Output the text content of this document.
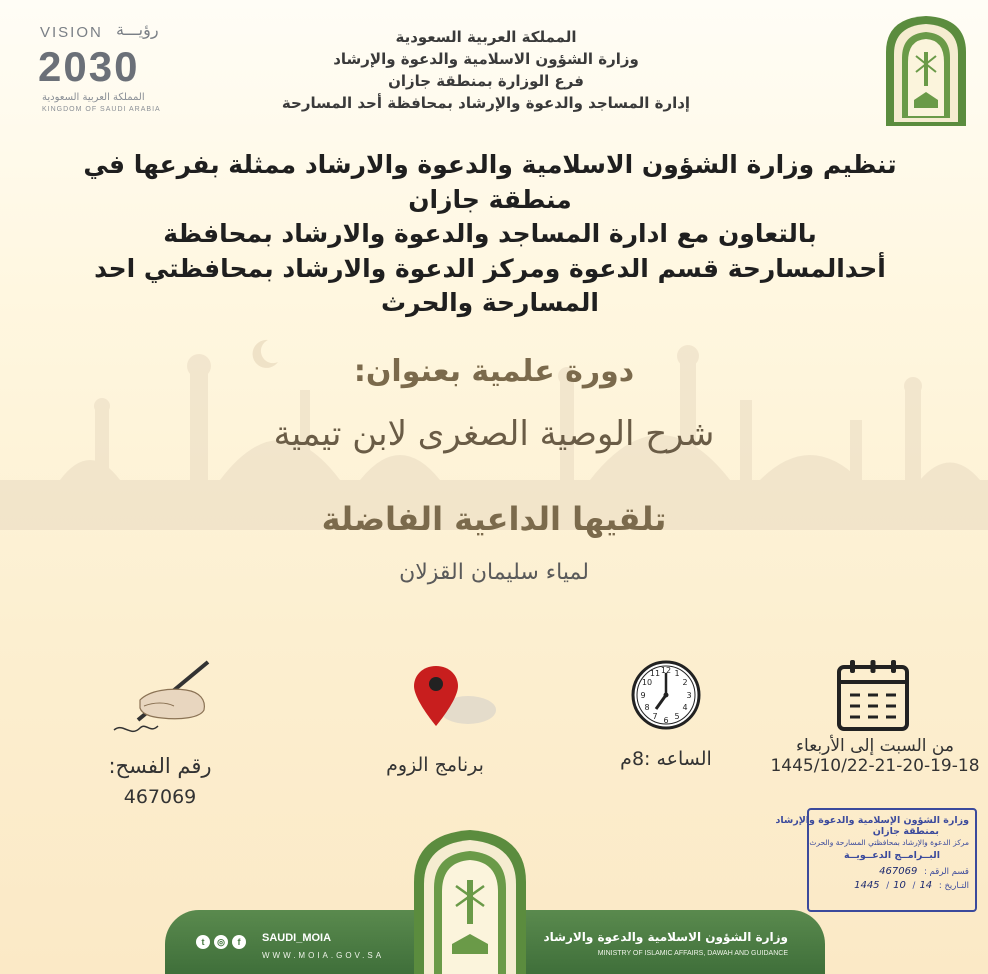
المملكة العربية السعودية
وزارة الشؤون الاسلامية والدعوة والإرشاد
فرع الوزارة بمنطقة جازان
إدارة المساجد والدعوة والإرشاد بمحافظة أحد المسارحة
VISION رؤيـــة
2030
المملكة العربية السعودية
KINGDOM OF SAUDI ARABIA
تنظيم وزارة الشؤون الاسلامية والدعوة والارشاد ممثلة بفرعها في
منطقة جازان
بالتعاون مع ادارة المساجد والدعوة والارشاد بمحافظة
أحدالمسارحة قسم الدعوة ومركز الدعوة والارشاد بمحافظتي احد
المسارحة والحرث
دورة علمية بعنوان:
شرح الوصية الصغرى لابن تيمية
تلقيها الداعية الفاضلة
لمياء سليمان القزلان
من السبت إلى الأربعاء
1445/10/22-21-20-19-18
12 1
2
3
4
5
6
7
8
9
10
11
الساعه :8م
برنامج الزوم
رقم الفسح:
467069
وزارة الشؤون الإسلامية والدعوة والإرشاد
بمنطقة جازان
مركز الدعوة والإرشاد بمحافظتي المسارحة والحرث
البــرامــج الدعــويــة
قسم الرقم : 467069
التـاريخ : 14/ 10/ 1445
t	◎	f	SAUDI_MOIA
WWW.MOIA.GOV.SA
وزارة الشؤون الاسلامية والدعوة والارشاد
MINISTRY OF ISLAMIC AFFAIRS, DAWAH AND GUIDANCE
